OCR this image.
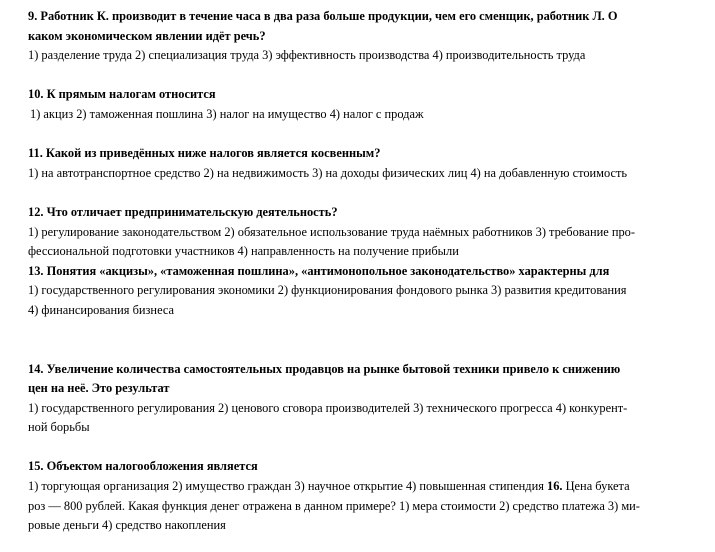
9. Работник К. производит в течение часа в два раза больше продукции, чем его сменщик, работник Л. О
каком экономическом явлении идёт речь?
1) разделение труда 2) специализация труда 3) эффективность производства 4) производительность труда
10. К прямым налогам относится
1) акциз 2) таможенная пошлина 3) налог на имущество 4) налог с продаж
11. Какой из приведённых ниже налогов является косвенным?
1) на автотранспортное средство 2) на недвижимость 3) на доходы физических лиц 4) на добавленную стоимость
12. Что отличает предпринимательскую деятельность?
1) регулирование законодательством 2) обязательное использование труда наёмных работников 3) требование про-
фессиональной подготовки участников 4) направленность на получение прибыли
13. Понятия «акцизы», «таможенная пошлина», «антимонопольное законодательство» характерны для
1) государственного регулирования экономики 2) функционирования фондового рынка 3) развития кредитования
4) финансирования бизнеса
14. Увеличение количества самостоятельных продавцов на рынке бытовой техники привело к снижению
цен на неё. Это результат
1) государственного регулирования 2) ценового сговора производителей 3) технического прогресса 4) конкурент-
ной борьбы
15. Объектом налогообложения является
1) торгующая организация 2) имущество граждан 3) научное открытие 4) повышенная стипендия 16. Цена букета
роз — 800 рублей. Какая функция денег отражена в данном примере? 1) мера стоимости 2) средство платежа 3) ми-
ровые деньги 4) средство накопления
